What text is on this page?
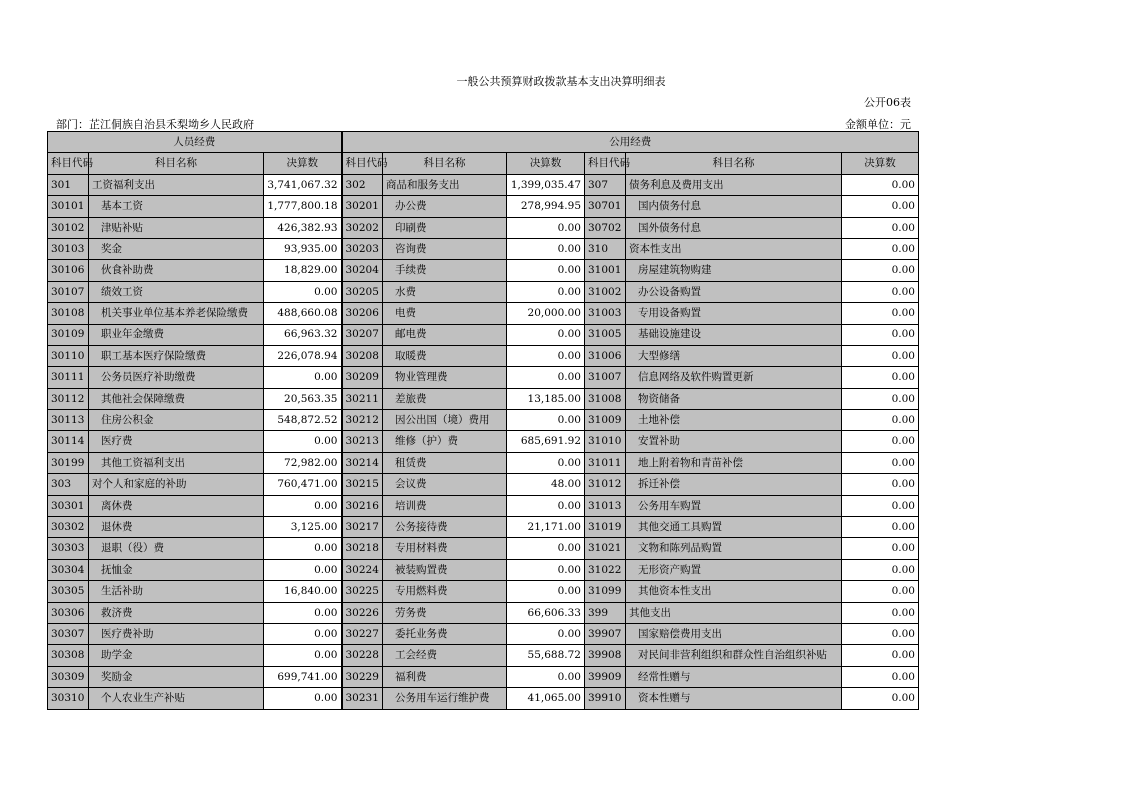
一般公共预算财政拨款基本支出决算明细表
公开06表
部门：芷江侗族自治县禾梨坳乡人民政府	金额单位：元
人员经费			公用经费					
科目代码	科目名称	决算数	科目代码	科目名称	决算数	科目代码	科目名称	决算数
301	工资福利支出	3,741,067.32	302	商品和服务支出	1,399,035.47	307	债务利息及费用支出	0.00
30101	基本工资	1,777,800.18	30201	办公费	278,994.95	30701	国内债务付息	0.00
30102	津贴补贴	426,382.93	30202	印刷费	0.00	30702	国外债务付息	0.00
30103	奖金	93,935.00	30203	咨询费	0.00	310	资本性支出	0.00
30106	伙食补助费	18,829.00	30204	手续费	0.00	31001	房屋建筑物购建	0.00
30107	绩效工资	0.00	30205	水费	0.00	31002	办公设备购置	0.00
30108	机关事业单位基本养老保险缴费	488,660.08	30206	电费	20,000.00	31003	专用设备购置	0.00
30109	职业年金缴费	66,963.32	30207	邮电费	0.00	31005	基础设施建设	0.00
30110	职工基本医疗保险缴费	226,078.94	30208	取暖费	0.00	31006	大型修缮	0.00
30111	公务员医疗补助缴费	0.00	30209	物业管理费	0.00	31007	信息网络及软件购置更新	0.00
30112	其他社会保障缴费	20,563.35	30211	差旅费	13,185.00	31008	物资储备	0.00
30113	住房公积金	548,872.52	30212	因公出国（境）费用	0.00	31009	土地补偿	0.00
30114	医疗费	0.00	30213	维修（护）费	685,691.92	31010	安置补助	0.00
30199	其他工资福利支出	72,982.00	30214	租赁费	0.00	31011	地上附着物和青苗补偿	0.00
303	对个人和家庭的补助	760,471.00	30215	会议费	48.00	31012	拆迁补偿	0.00
30301	离休费	0.00	30216	培训费	0.00	31013	公务用车购置	0.00
30302	退休费	3,125.00	30217	公务接待费	21,171.00	31019	其他交通工具购置	0.00
30303	退职（役）费	0.00	30218	专用材料费	0.00	31021	文物和陈列品购置	0.00
30304	抚恤金	0.00	30224	被装购置费	0.00	31022	无形资产购置	0.00
30305	生活补助	16,840.00	30225	专用燃料费	0.00	31099	其他资本性支出	0.00
30306	救济费	0.00	30226	劳务费	66,606.33	399	其他支出	0.00
30307	医疗费补助	0.00	30227	委托业务费	0.00	39907	国家赔偿费用支出	0.00
30308	助学金	0.00	30228	工会经费	55,688.72	39908	对民间非营利组织和群众性自治组织补贴	0.00
30309	奖励金	699,741.00	30229	福利费	0.00	39909	经常性赠与	0.00
30310	个人农业生产补贴	0.00	30231	公务用车运行维护费	41,065.00	39910	资本性赠与	0.00
